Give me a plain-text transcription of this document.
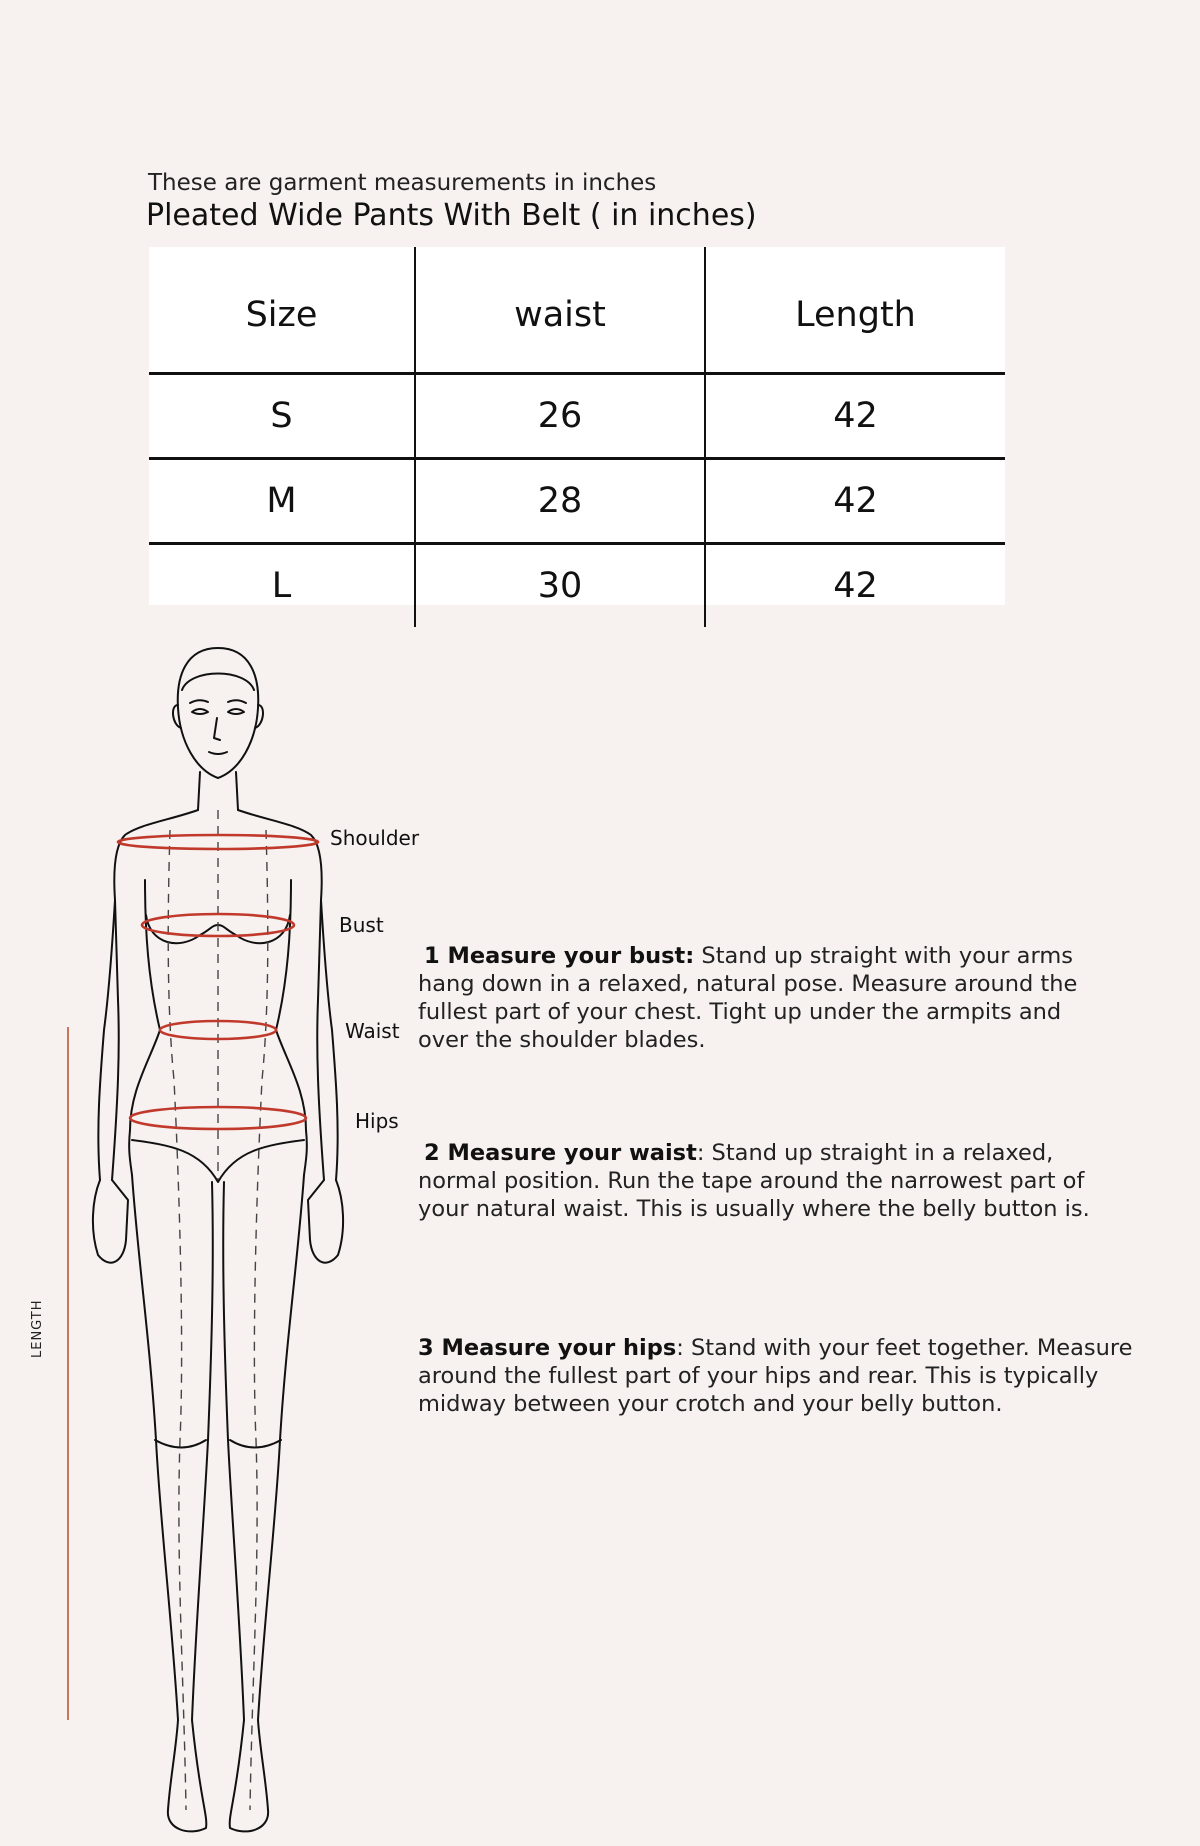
These are garment measurements in inches
Pleated Wide Pants With Belt ( in inches)
Size	waist	Length
S	26	42
M	28	42
L	30	42
Shoulder
Bust
Waist
Hips
LENGTH
1 Measure your bust: Stand up straight with your arms hang down in a relaxed, natural pose. Measure around the fullest part of your chest. Tight up under the armpits and over the shoulder blades.
2 Measure your waist: Stand up straight in a relaxed, normal position. Run the tape around the narrowest part of your natural waist. This is usually where the belly button is.
3 Measure your hips: Stand with your feet together. Measure around the fullest part of your hips and rear. This is typically midway between your crotch and your belly button.
